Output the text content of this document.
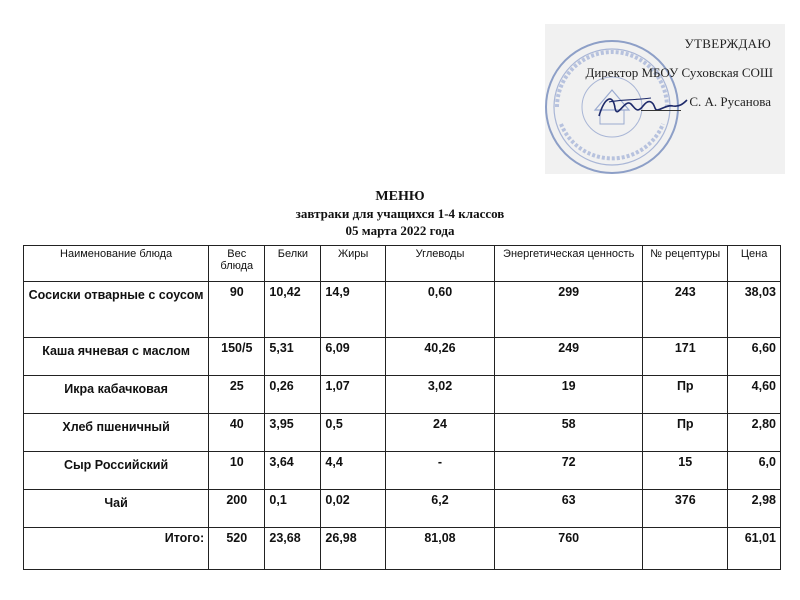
УТВЕРЖДАЮ
Директор МБОУ Суховская СОШ
С. А. Русанова
МЕНЮ
завтраки для учащихся 1-4 классов
05 марта 2022 года
Наименование блюда	Вес блюда	Белки	Жиры	Углеводы	Энергетическая ценность	№ рецептуры	Цена
Сосиски отварные с соусом	90	10,42	14,9	0,60	299	243	38,03
Каша ячневая с маслом	150/5	5,31	6,09	40,26	249	171	6,60
Икра кабачковая	25	0,26	1,07	3,02	19	Пр	4,60
Хлеб пшеничный	40	3,95	0,5	24	58	Пр	2,80
Сыр Российский	10	3,64	4,4	-	72	15	6,0
Чай	200	0,1	0,02	6,2	63	376	2,98
Итого:	520	23,68	26,98	81,08	760		61,01
